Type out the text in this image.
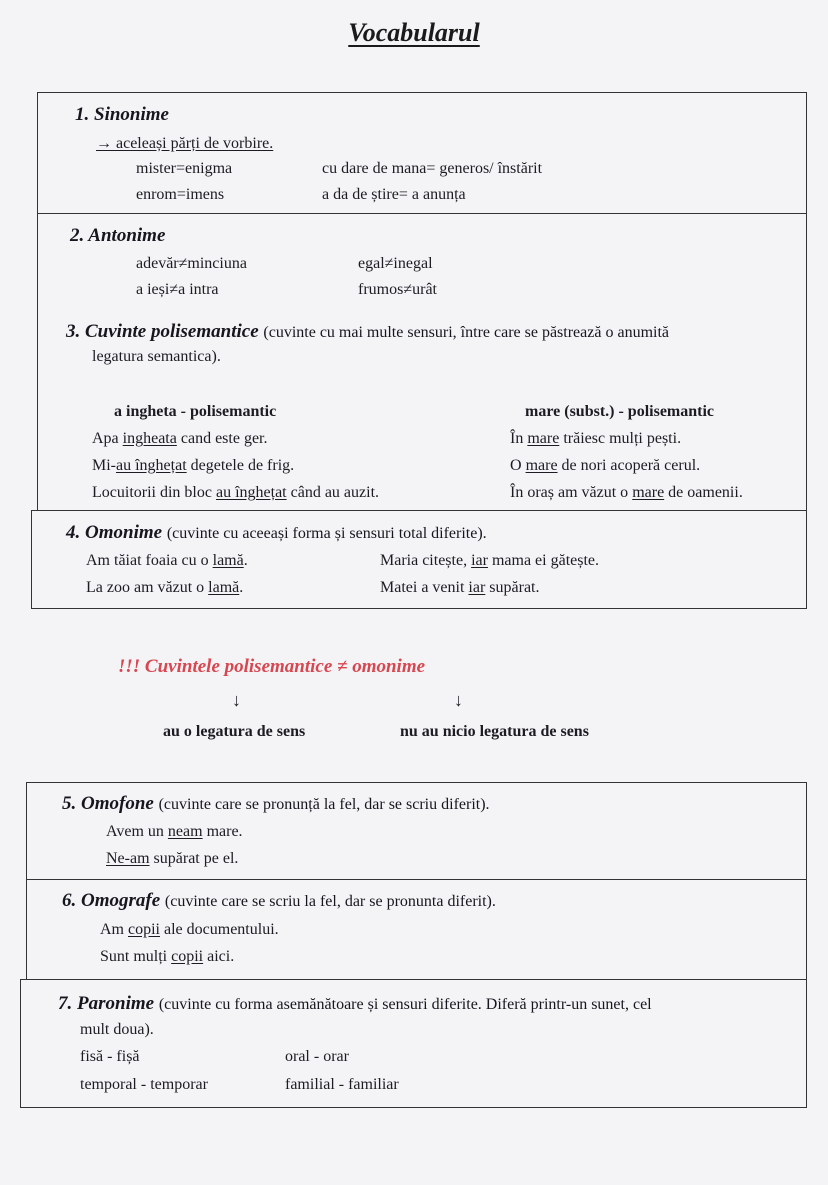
Vocabularul
1. Sinonime
→ aceleași părți de vorbire.
mister=enigma
enrom=imens
cu dare de mana= generos/ înstărit
a da de știre= a anunța
2. Antonime
adevăr≠minciuna
a ieși≠a intra
egal≠inegal
frumos≠urât
3. Cuvinte polisemantice (cuvinte cu mai multe sensuri, între care se păstrează o anumită
legatura semantica).
a ingheta - polisemantic
Apa ingheata cand este ger.
Mi-au înghețat degetele de frig.
Locuitorii din bloc au înghețat când au auzit.
mare (subst.) - polisemantic
În mare trăiesc mulți pești.
O mare de nori acoperă cerul.
În oraș am văzut o mare de oamenii.
4. Omonime (cuvinte cu aceeași forma și sensuri total diferite).
Am tăiat foaia cu o lamă.
La zoo am văzut o lamă.
Maria citește, iar mama ei gătește.
Matei a venit iar supărat.
!!! Cuvintele polisemantice ≠ omonime
↓	↓
au o legatura de sens	nu au nicio legatura de sens
5. Omofone (cuvinte care se pronunță la fel, dar se scriu diferit).
Avem un neam mare.
Ne-am supărat pe el.
6. Omografe (cuvinte care se scriu la fel, dar se pronunta diferit).
Am copii ale documentului.
Sunt mulți copii aici.
7. Paronime (cuvinte cu forma asemănătoare și sensuri diferite. Diferă printr-un sunet, cel
mult doua).
fisă - fișă
temporal - temporar
oral - orar
familial - familiar
